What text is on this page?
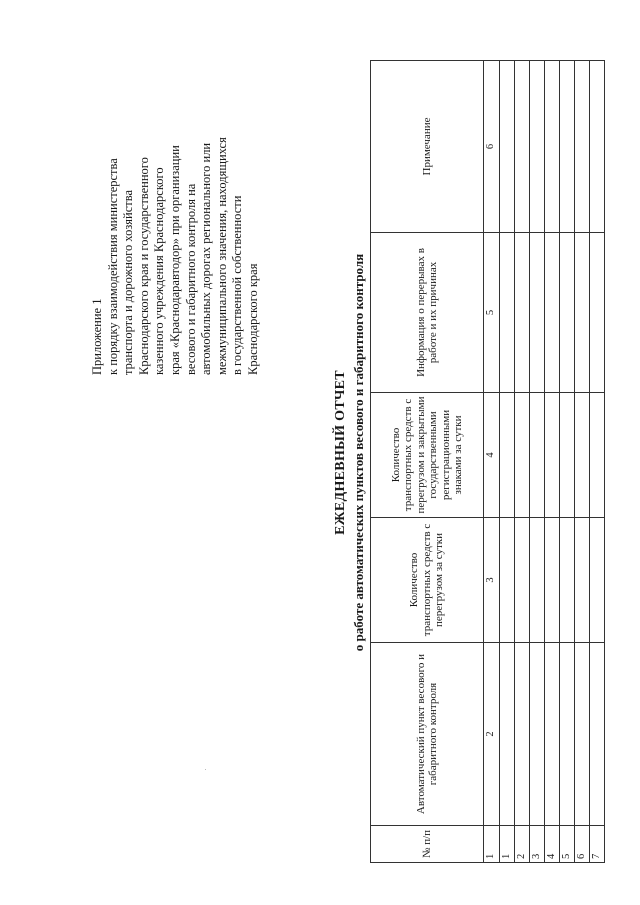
Приложение 1 к порядку взаимодействия министерства транспорта и дорожного хозяйства Краснодарского края и государственного казенного учреждения Краснодарского края «Краснодаравтодор» при организации весового и габаритного контроля на автомобильных дорогах регионального или межмуниципального значения, находящихся в государственной собственности Краснодарского края
ЕЖЕДНЕВНЫЙ ОТЧЕТ о работе автоматических пунктов весового и габаритного контроля
№ п/п	Автоматический пункт весового и габаритного контроля	Количество транспортных средств с перегрузом за сутки	Количество транспортных средств с перегрузом и закрытыми государственными регистрационными знаками за сутки	Информация о перерывах в работе и их причинах	Примечание
1	2	3	4	5	6
1					
2					
3					
4					
5					
6					
7					
